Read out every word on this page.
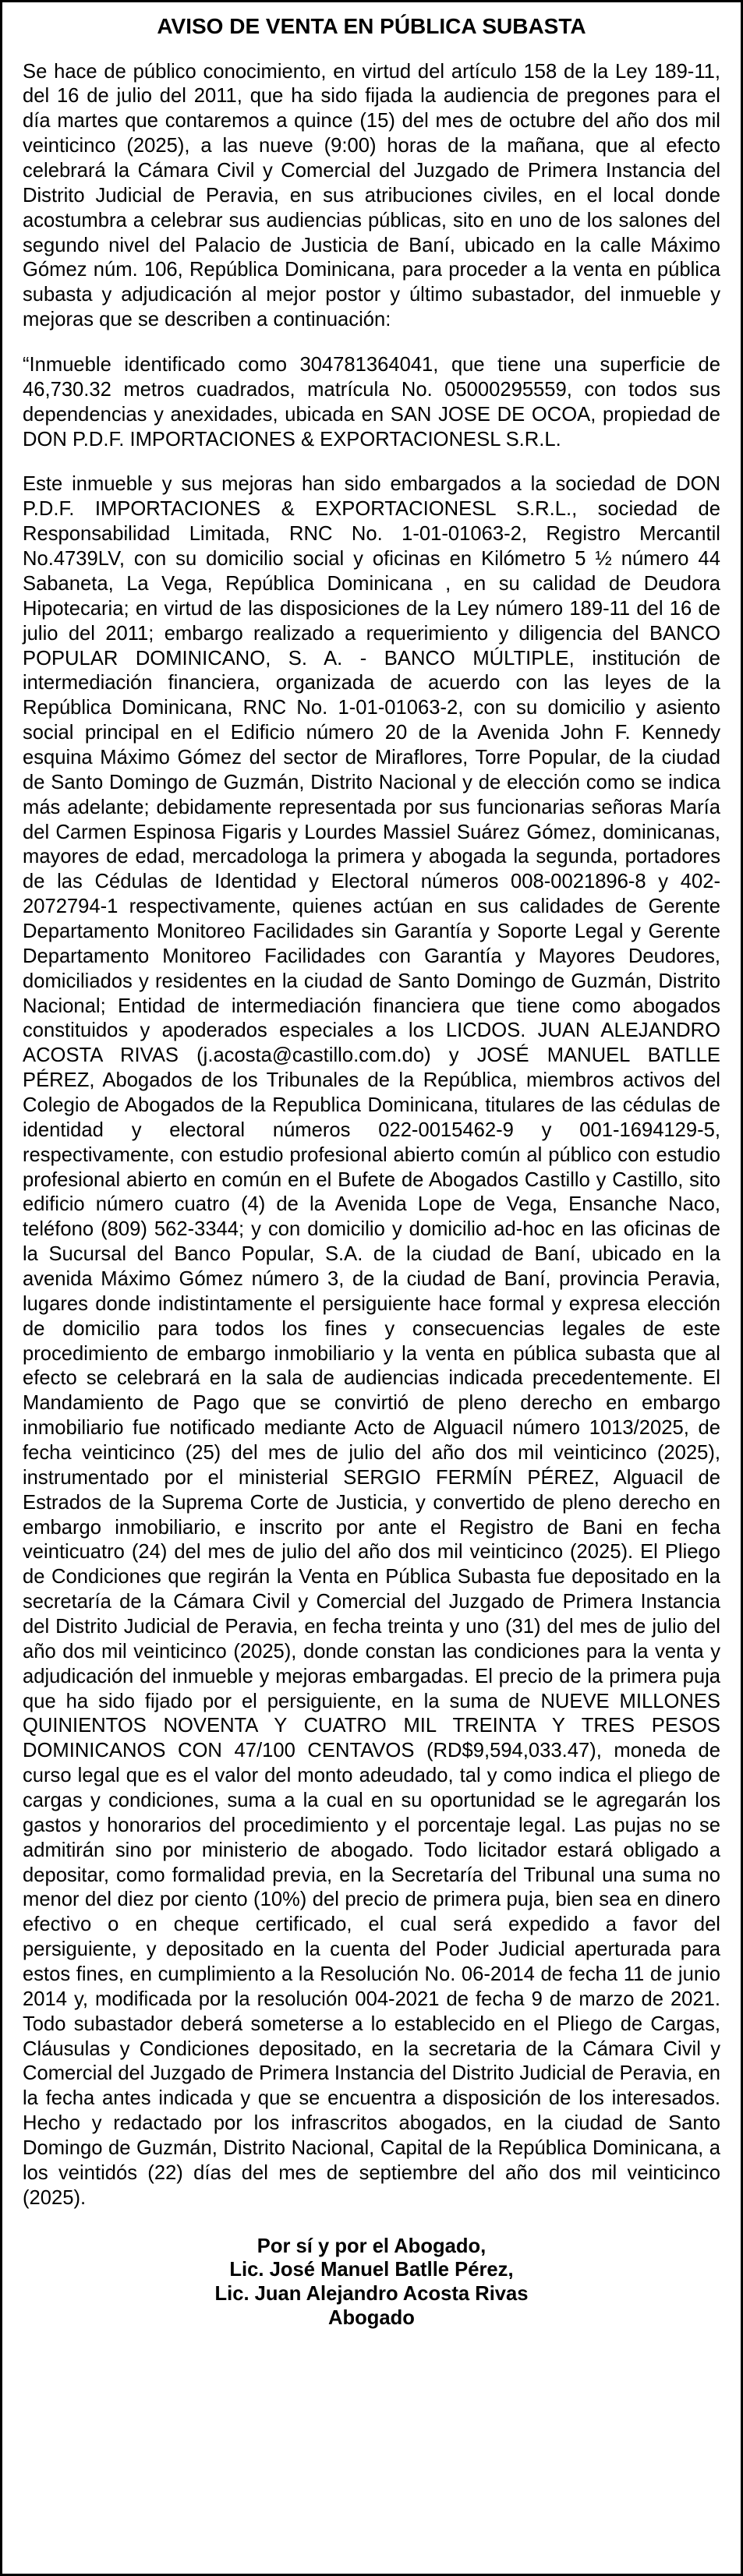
AVISO DE VENTA EN PÚBLICA SUBASTA

Se hace de público conocimiento, en virtud del artículo 158 de la Ley 189-11, del 16 de julio del 2011, que ha sido fijada la audiencia de pregones para el día martes que contaremos a quince (15) del mes de octubre del año dos mil veinticinco (2025), a las nueve (9:00) horas de la mañana, que al efecto celebrará la Cámara Civil y Comercial del Juzgado de Primera Instancia del Distrito Judicial de Peravia, en sus atribuciones civiles, en el local donde acostumbra a celebrar sus audiencias públicas, sito en uno de los salones del segundo nivel del Palacio de Justicia de Baní, ubicado en la calle Máximo Gómez núm. 106, República Dominicana, para proceder a la venta en pública subasta y adjudicación al mejor postor y último subastador, del inmueble y mejoras que se describen a continuación:

“Inmueble identificado como 304781364041, que tiene una superficie de 46,730.32 metros cuadrados, matrícula No. 05000295559, con todos sus dependencias y anexidades, ubicada en SAN JOSE DE OCOA, propiedad de DON P.D.F. IMPORTACIONES & EXPORTACIONESL S.R.L.

Este inmueble y sus mejoras han sido embargados a la sociedad de DON P.D.F. IMPORTACIONES & EXPORTACIONESL S.R.L., sociedad de Responsabilidad Limitada, RNC No. 1-01-01063-2, Registro Mercantil No.4739LV, con su domicilio social y oficinas en Kilómetro 5 ½ número 44 Sabaneta, La Vega, República Dominicana , en su calidad de Deudora Hipotecaria; en virtud de las disposiciones de la Ley número 189-11 del 16 de julio del 2011; embargo realizado a requerimiento y diligencia del BANCO POPULAR DOMINICANO, S. A. - BANCO MÚLTIPLE, institución de intermediación financiera, organizada de acuerdo con las leyes de la República Dominicana, RNC No. 1-01-01063-2, con su domicilio y asiento social principal en el Edificio número 20 de la Avenida John F. Kennedy esquina Máximo Gómez del sector de Miraflores, Torre Popular, de la ciudad de Santo Domingo de Guzmán, Distrito Nacional y de elección como se indica más adelante; debidamente representada por sus funcionarias señoras María del Carmen Espinosa Figaris y Lourdes Massiel Suárez Gómez, dominicanas, mayores de edad, mercadologa la primera y abogada la segunda, portadores de las Cédulas de Identidad y Electoral números 008-0021896-8 y 402-2072794-1 respectivamente, quienes actúan en sus calidades de Gerente Departamento Monitoreo Facilidades sin Garantía y Soporte Legal y Gerente Departamento Monitoreo Facilidades con Garantía y Mayores Deudores, domiciliados y residentes en la ciudad de Santo Domingo de Guzmán, Distrito Nacional; Entidad de intermediación financiera que tiene como abogados constituidos y apoderados especiales a los LICDOS. JUAN ALEJANDRO ACOSTA RIVAS (j.acosta@castillo.com.do) y JOSÉ MANUEL BATLLE PÉREZ, Abogados de los Tribunales de la República, miembros activos del Colegio de Abogados de la Republica Dominicana, titulares de las cédulas de identidad y electoral números 022-0015462-9 y 001-1694129-5, respectivamente, con estudio profesional abierto común al público con estudio profesional abierto en común en el Bufete de Abogados Castillo y Castillo, sito edificio número cuatro (4) de la Avenida Lope de Vega, Ensanche Naco, teléfono (809) 562-3344; y con domicilio y domicilio ad-hoc en las oficinas de la Sucursal del Banco Popular, S.A. de la ciudad de Baní, ubicado en la avenida Máximo Gómez número 3, de la ciudad de Baní, provincia Peravia, lugares donde indistintamente el persiguiente hace formal y expresa elección de domicilio para todos los fines y consecuencias legales de este procedimiento de embargo inmobiliario y la venta en pública subasta que al efecto se celebrará en la sala de audiencias indicada precedentemente. El Mandamiento de Pago que se convirtió de pleno derecho en embargo inmobiliario fue notificado mediante Acto de Alguacil número 1013/2025, de fecha veinticinco (25) del mes de julio del año dos mil veinticinco (2025), instrumentado por el ministerial SERGIO FERMÍN PÉREZ, Alguacil de Estrados de la Suprema Corte de Justicia, y convertido de pleno derecho en embargo inmobiliario, e inscrito por ante el Registro de Bani en fecha veinticuatro (24) del mes de julio del año dos mil veinticinco (2025). El Pliego de Condiciones que regirán la Venta en Pública Subasta fue depositado en la secretaría de la Cámara Civil y Comercial del Juzgado de Primera Instancia del Distrito Judicial de Peravia, en fecha treinta y uno (31) del mes de julio del año dos mil veinticinco (2025), donde constan las condiciones para la venta y adjudicación del inmueble y mejoras embargadas. El precio de la primera puja que ha sido fijado por el persiguiente, en la suma de NUEVE MILLONES QUINIENTOS NOVENTA Y CUATRO MIL TREINTA Y TRES PESOS DOMINICANOS CON 47/100 CENTAVOS (RD$9,594,033.47), moneda de curso legal que es el valor del monto adeudado, tal y como indica el pliego de cargas y condiciones, suma a la cual en su oportunidad se le agregarán los gastos y honorarios del procedimiento y el porcentaje legal. Las pujas no se admitirán sino por ministerio de abogado. Todo licitador estará obligado a depositar, como formalidad previa, en la Secretaría del Tribunal una suma no menor del diez por ciento (10%) del precio de primera puja, bien sea en dinero efectivo o en cheque certificado, el cual será expedido a favor del persiguiente, y depositado en la cuenta del Poder Judicial aperturada para estos fines, en cumplimiento a la Resolución No. 06-2014 de fecha 11 de junio 2014 y, modificada por la resolución 004-2021 de fecha 9 de marzo de 2021. Todo subastador deberá someterse a lo establecido en el Pliego de Cargas, Cláusulas y Condiciones depositado, en la secretaria de la Cámara Civil y Comercial del Juzgado de Primera Instancia del Distrito Judicial de Peravia, en la fecha antes indicada y que se encuentra a disposición de los interesados. Hecho y redactado por los infrascritos abogados, en la ciudad de Santo Domingo de Guzmán, Distrito Nacional, Capital de la República Dominicana, a los veintidós (22) días del mes de septiembre del año dos mil veinticinco (2025).

Por sí y por el Abogado,
Lic. José Manuel Batlle Pérez,
Lic. Juan Alejandro Acosta Rivas
Abogado
